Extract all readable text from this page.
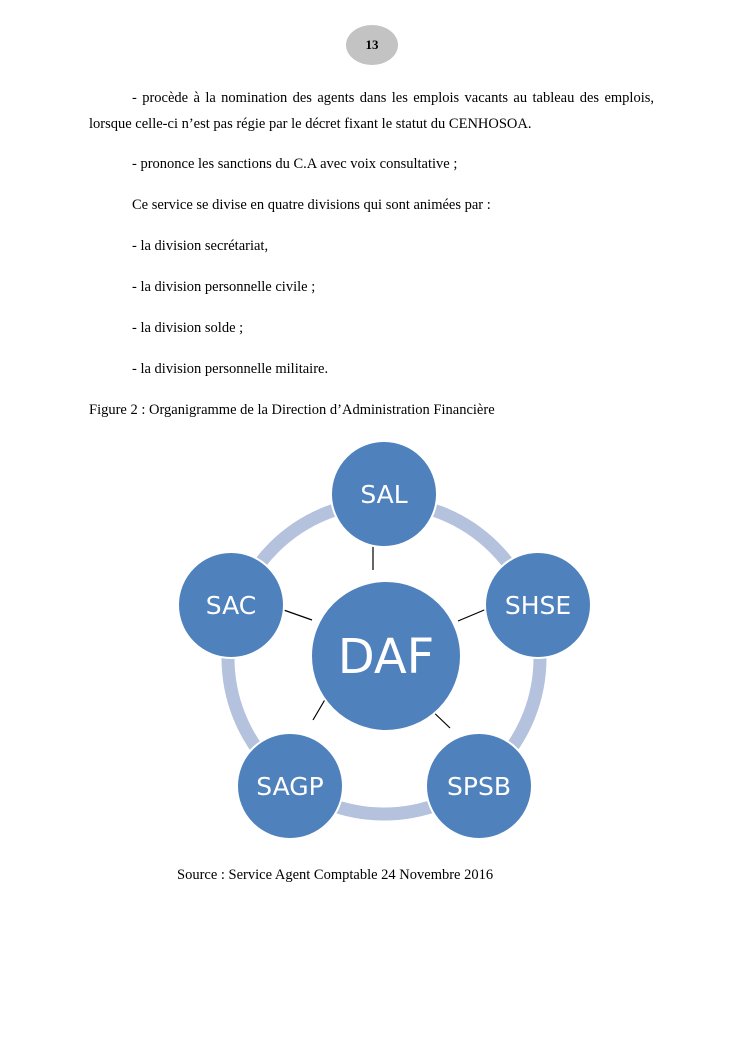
13
- procède à la nomination des agents dans les emplois vacants au tableau des emplois,
lorsque celle-ci n’est pas régie par le décret fixant le statut du CENHOSOA.
- prononce les sanctions du C.A avec voix consultative ;
Ce service se divise en quatre divisions qui sont animées par :
- la division secrétariat,
- la division personnelle civile ;
- la division solde ;
- la division personnelle militaire.
Figure 2 : Organigramme de la Direction d’Administration Financière
SAL
SHSE
SPSB
SAGP
SAC
DAF
Source : Service Agent Comptable 24 Novembre 2016
